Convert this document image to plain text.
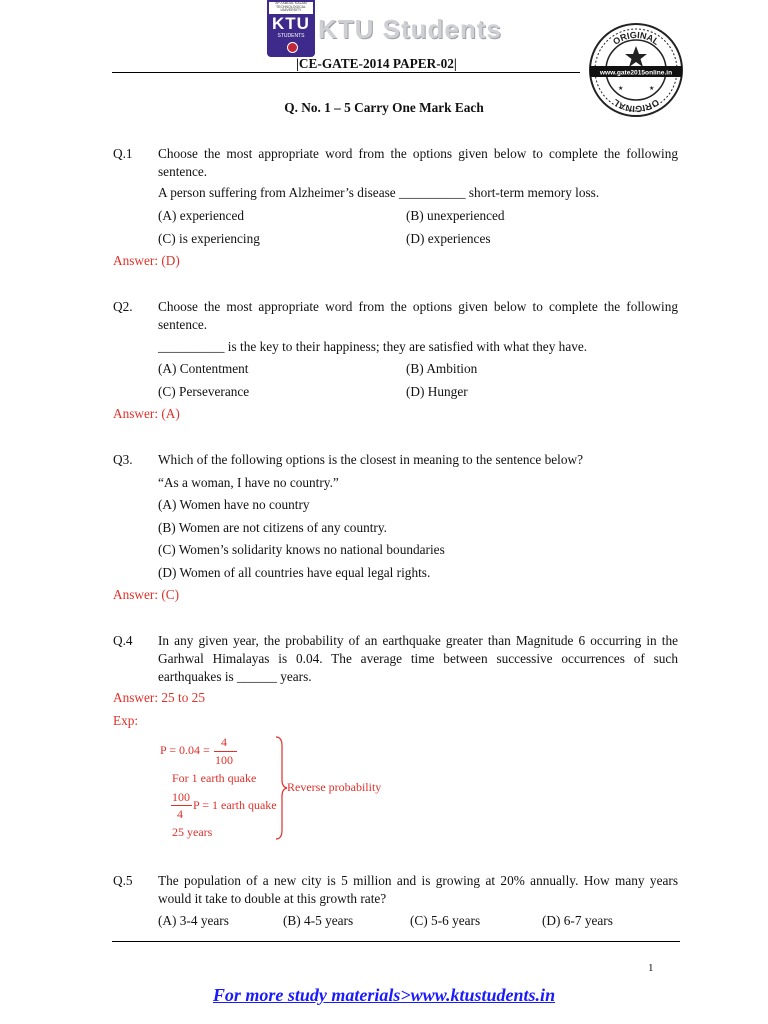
APJ ABDUL KALAM
TECHNOLOGICAL
UNIVERSITY
KTU
STUDENTS KTU Students
|CE-GATE-2014 PAPER-02|
ORIGINAL
ORIGINAL
www.gate2015online.in
★	★
Q. No. 1 – 5 Carry One Mark Each
Q.1 Choose the most appropriate word from the options given below to complete the following sentence.
A person suffering from Alzheimer’s disease __________ short-term memory loss.
(A) experienced	(B) unexperienced
(C) is experiencing	(D) experiences
Answer: (D)
Q2. Choose the most appropriate word from the options given below to complete the following sentence.
__________ is the key to their happiness; they are satisfied with what they have.
(A) Contentment	(B) Ambition
(C) Perseverance	(D) Hunger
Answer: (A)
Q3. Which of the following options is the closest in meaning to the sentence below?
“As a woman, I have no country.”
(A) Women have no country
(B) Women are not citizens of any country.
(C) Women’s solidarity knows no national boundaries
(D) Women of all countries have equal legal rights.
Answer: (C)
Q.4 In any given year, the probability of an earthquake greater than Magnitude 6 occurring in the Garhwal Himalayas is 0.04. The average time between successive occurrences of such earthquakes is ______ years.
Answer: 25 to 25
Exp:
P = 0.04 =
4
100
For 1 earth quake
100
4
P = 1 earth quake
25 years
Reverse probability
Q.5 The population of a new city is 5 million and is growing at 20% annually. How many years would it take to double at this growth rate?
(A) 3-4 years	(B) 4-5 years	(C) 5-6 years	(D) 6-7 years
1
For more study materials>www.ktustudents.in
